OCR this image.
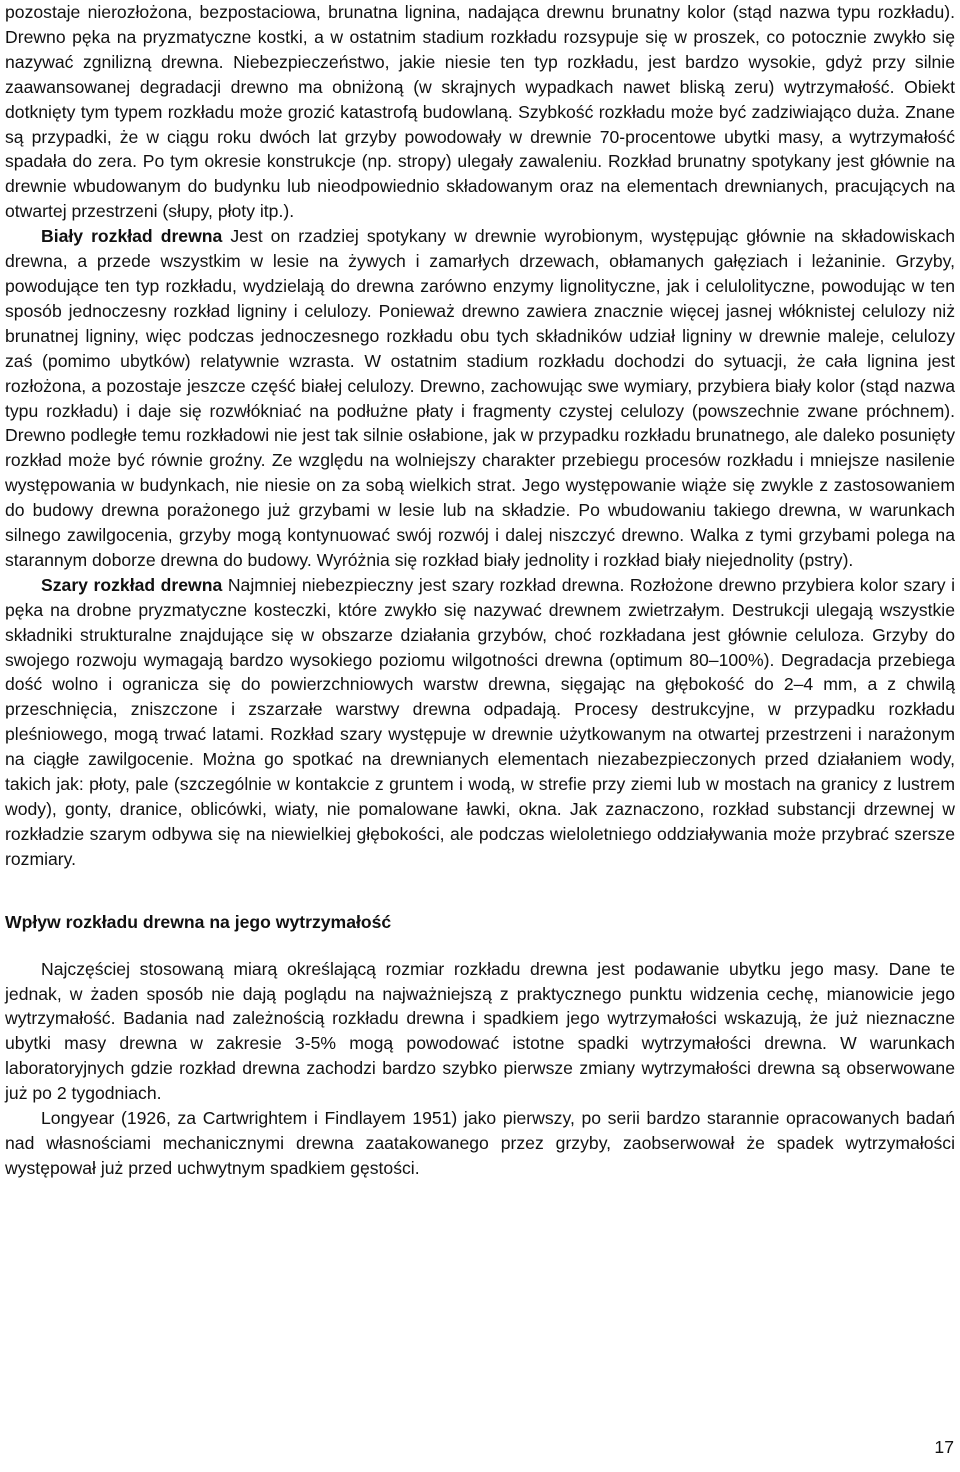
pozostaje nierozłożona, bezpostaciowa, brunatna lignina, nadająca drewnu brunatny kolor (stąd nazwa typu rozkładu). Drewno pęka na pryzmatyczne kostki, a w ostatnim stadium rozkładu rozsypuje się w proszek, co potocznie zwykło się nazywać zgnilizną drewna. Niebezpieczeństwo, jakie niesie ten typ rozkładu, jest bardzo wysokie, gdyż przy silnie zaawansowanej degradacji drewno ma obniżoną (w skrajnych wypadkach nawet bliską zeru) wytrzymałość. Obiekt dotknięty tym typem rozkładu może grozić katastrofą budowlaną. Szybkość rozkładu może być zadziwiająco duża. Znane są przypadki, że w ciągu roku dwóch lat grzyby powodowały w drewnie 70-procentowe ubytki masy, a wytrzymałość spadała do zera. Po tym okresie konstrukcje (np. stropy) ulegały zawaleniu. Rozkład brunatny spotykany jest głównie na drewnie wbudowanym do budynku lub nieodpowiednio składowanym oraz na elementach drewnianych, pracujących na otwartej przestrzeni (słupy, płoty itp.).

Biały rozkład drewna Jest on rzadziej spotykany w drewnie wyrobionym, występując głównie na składowiskach drewna, a przede wszystkim w lesie na żywych i zamarłych drzewach, obłamanych gałęziach i leżaninie. Grzyby, powodujące ten typ rozkładu, wydzielają do drewna zarówno enzymy lignolityczne, jak i celulolityczne, powodując w ten sposób jednoczesny rozkład ligniny i celulozy. Ponieważ drewno zawiera znacznie więcej jasnej włóknistej celulozy niż brunatnej ligniny, więc podczas jednoczesnego rozkładu obu tych składników udział ligniny w drewnie maleje, celulozy zaś (pomimo ubytków) relatywnie wzrasta. W ostatnim stadium rozkładu dochodzi do sytuacji, że cała lignina jest rozłożona, a pozostaje jeszcze część białej celulozy. Drewno, zachowując swe wymiary, przybiera biały kolor (stąd nazwa typu rozkładu) i daje się rozwłókniać na podłużne płaty i fragmenty czystej celulozy (powszechnie zwane próchnem). Drewno podległe temu rozkładowi nie jest tak silnie osłabione, jak w przypadku rozkładu brunatnego, ale daleko posunięty rozkład może być równie groźny. Ze względu na wolniejszy charakter przebiegu procesów rozkładu i mniejsze nasilenie występowania w budynkach, nie niesie on za sobą wielkich strat. Jego występowanie wiąże się zwykle z zastosowaniem do budowy drewna porażonego już grzybami w lesie lub na składzie. Po wbudowaniu takiego drewna, w warunkach silnego zawilgocenia, grzyby mogą kontynuować swój rozwój i dalej niszczyć drewno. Walka z tymi grzybami polega na starannym doborze drewna do budowy. Wyróżnia się rozkład biały jednolity i rozkład biały niejednolity (pstry).

Szary rozkład drewna Najmniej niebezpieczny jest szary rozkład drewna. Rozłożone drewno przybiera kolor szary i pęka na drobne pryzmatyczne kosteczki, które zwykło się nazywać drewnem zwietrzałym. Destrukcji ulegają wszystkie składniki strukturalne znajdujące się w obszarze działania grzybów, choć rozkładana jest głównie celuloza. Grzyby do swojego rozwoju wymagają bardzo wysokiego poziomu wilgotności drewna (optimum 80–100%). Degradacja przebiega dość wolno i ogranicza się do powierzchniowych warstw drewna, sięgając na głębokość do 2–4 mm, a z chwilą przeschnięcia, zniszczone i zszarzałe warstwy drewna odpadają. Procesy destrukcyjne, w przypadku rozkładu pleśniowego, mogą trwać latami. Rozkład szary występuje w drewnie użytkowanym na otwartej przestrzeni i narażonym na ciągłe zawilgocenie. Można go spotkać na drewnianych elementach niezabezpieczonych przed działaniem wody, takich jak: płoty, pale (szczególnie w kontakcie z gruntem i wodą, w strefie przy ziemi lub w mostach na granicy z lustrem wody), gonty, dranice, oblicówki, wiaty, nie pomalowane ławki, okna. Jak zaznaczono, rozkład substancji drzewnej w rozkładzie szarym odbywa się na niewielkiej głębokości, ale podczas wieloletniego oddziaływania może przybrać szersze rozmiary.

Wpływ rozkładu drewna na jego wytrzymałość

Najczęściej stosowaną miarą określającą rozmiar rozkładu drewna jest podawanie ubytku jego masy. Dane te jednak, w żaden sposób nie dają poglądu na najważniejszą z praktycznego punktu widzenia cechę, mianowicie jego wytrzymałość. Badania nad zależnością rozkładu drewna i spadkiem jego wytrzymałości wskazują, że już nieznaczne ubytki masy drewna w zakresie 3-5% mogą powodować istotne spadki wytrzymałości drewna. W warunkach laboratoryjnych gdzie rozkład drewna zachodzi bardzo szybko pierwsze zmiany wytrzymałości drewna są obserwowane już po 2 tygodniach.

Longyear (1926, za Cartwrightem i Findlayem 1951) jako pierwszy, po serii bardzo starannie opracowanych badań nad własnościami mechanicznymi drewna zaatakowanego przez grzyby, zaobserwował że spadek wytrzymałości występował już przed uchwytnym spadkiem gęstości.

17
